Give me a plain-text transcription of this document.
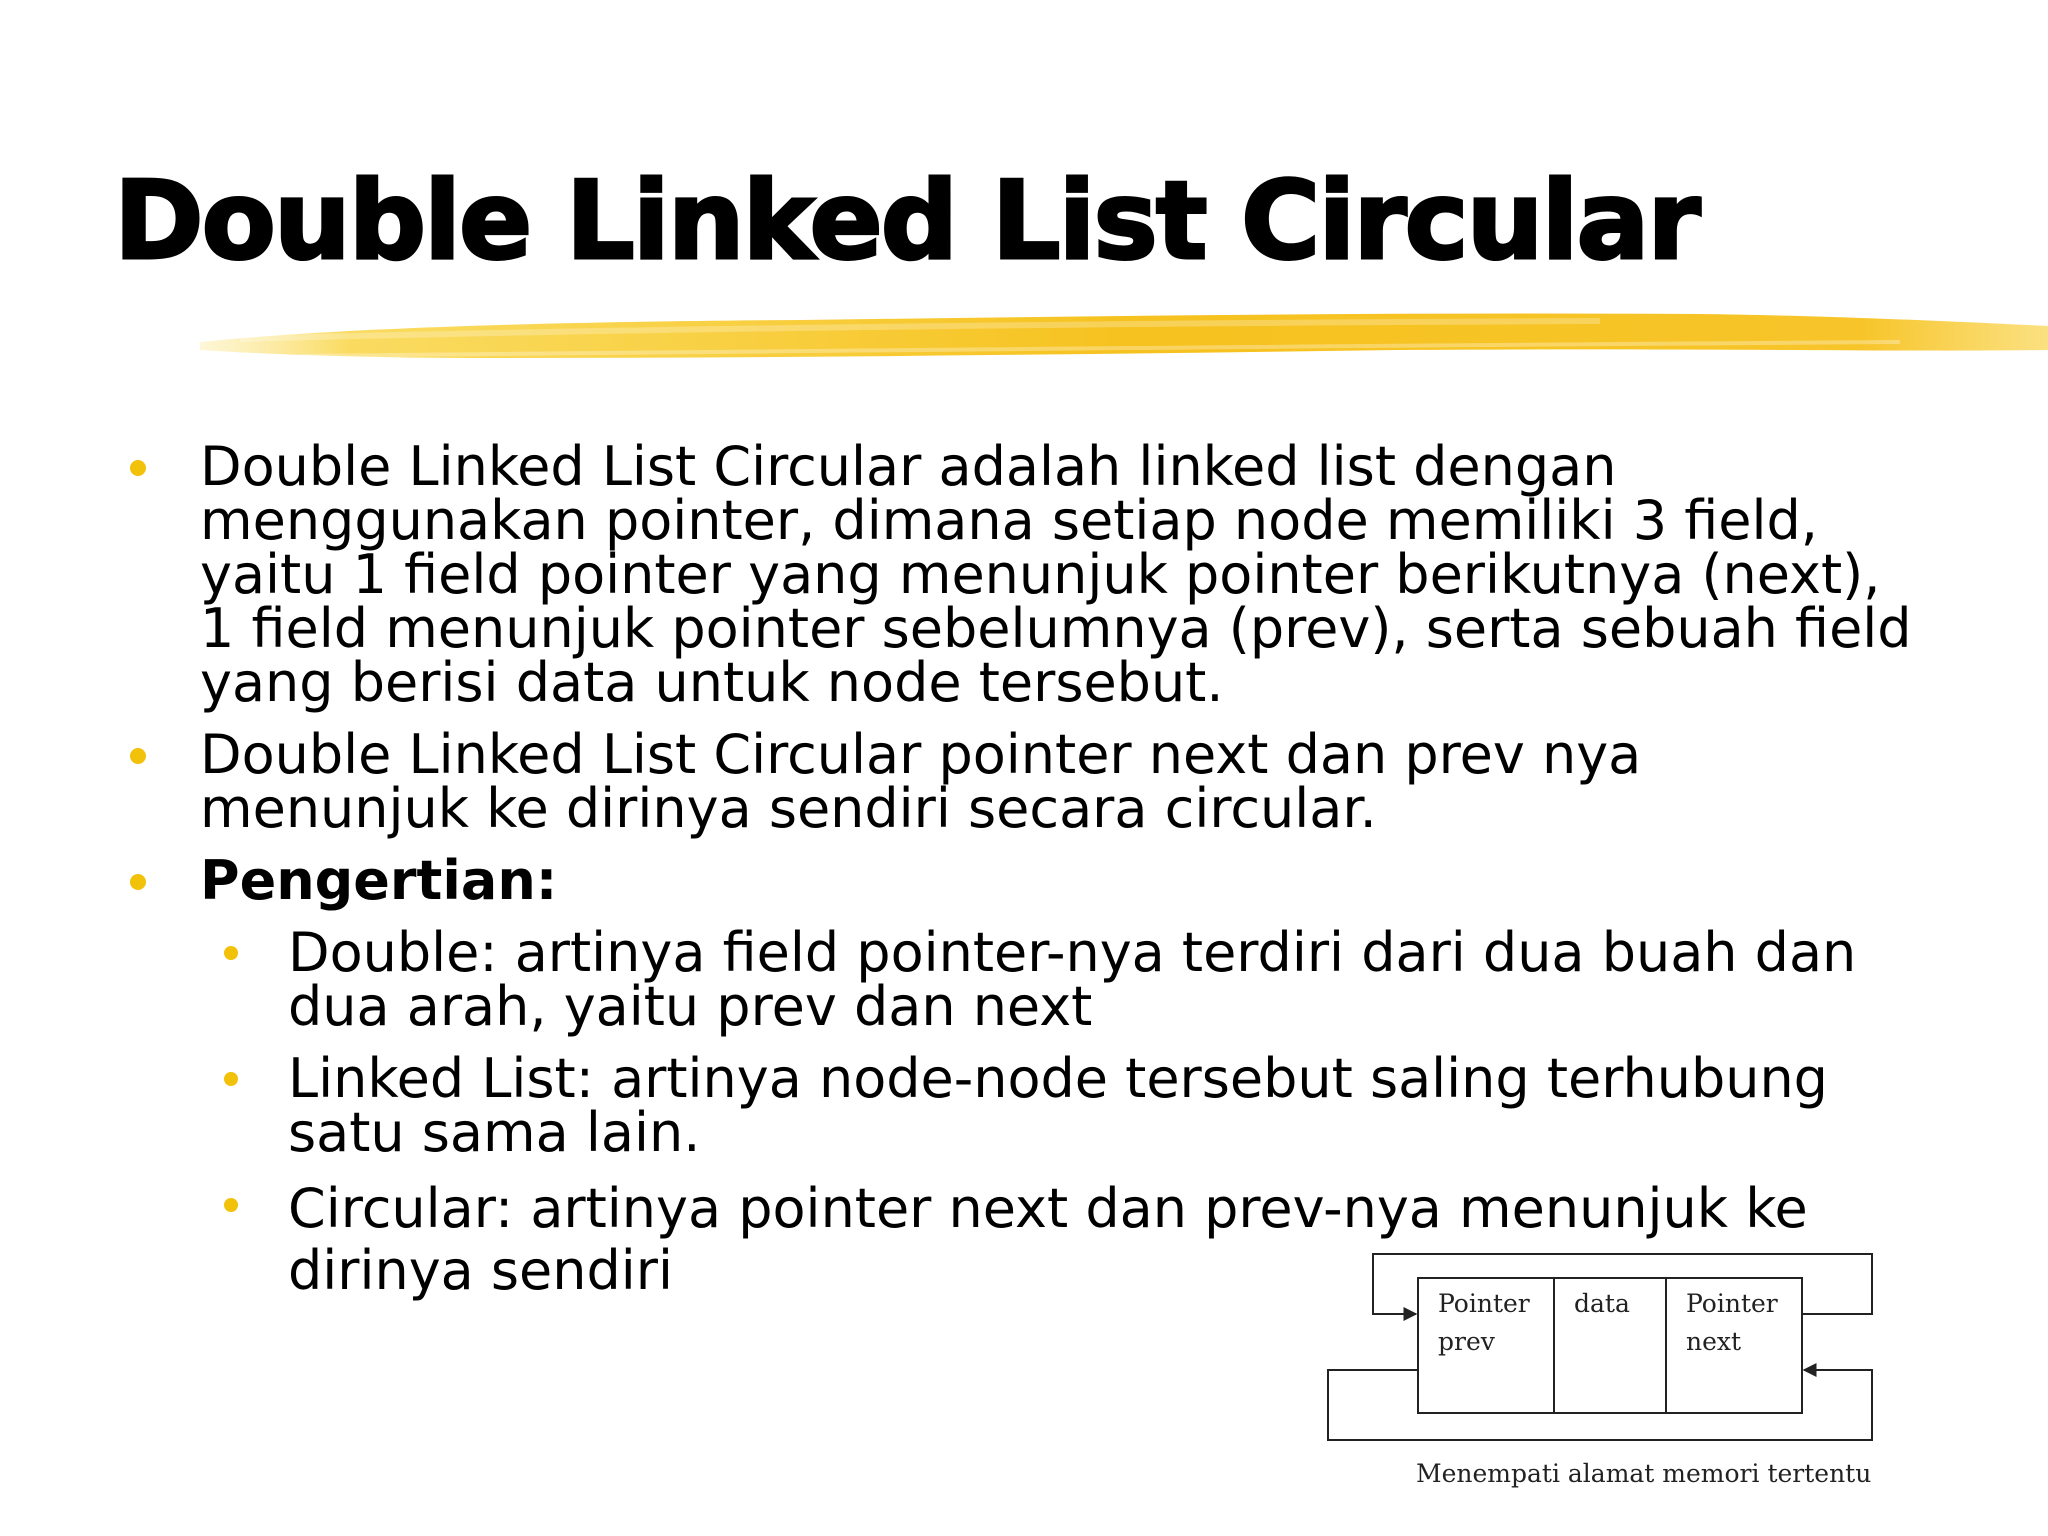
Double Linked List Circular
Double Linked List Circular adalah linked list dengan menggunakan pointer, dimana setiap node memiliki 3 field, yaitu 1 field pointer yang menunjuk pointer berikutnya (next), 1 field menunjuk pointer sebelumnya (prev), serta sebuah field yang berisi data untuk node tersebut.
Double Linked List Circular pointer next dan prev nya menunjuk ke dirinya sendiri secara circular.
Pengertian:
Double: artinya field pointer-nya terdiri dari dua buah dan dua arah, yaitu prev dan next
Linked List: artinya node-node tersebut saling terhubung satu sama lain.
Circular: artinya pointer next dan prev-nya menunjuk ke dirinya sendiri
Pointer
prev
data Pointer
next
Menempati alamat memori tertentu
